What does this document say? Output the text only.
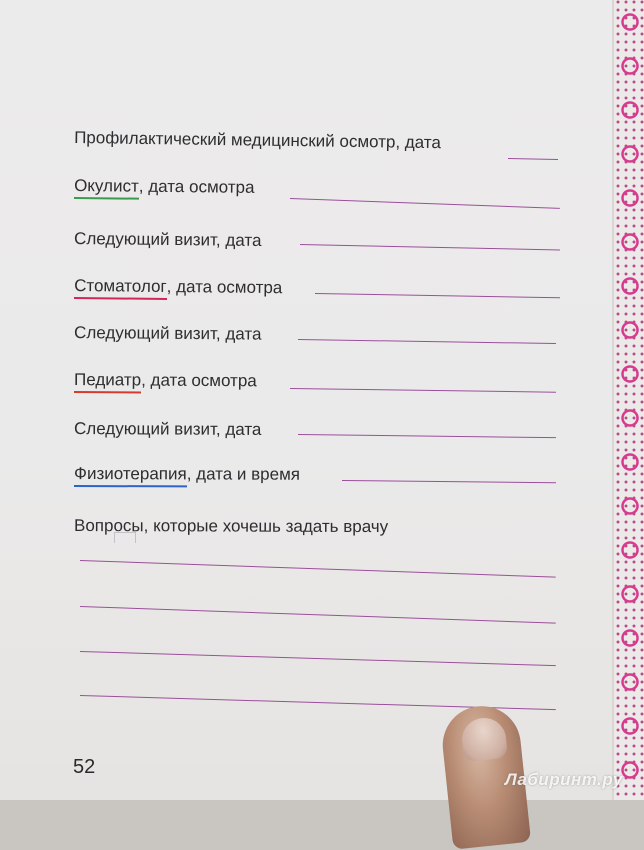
Профилактический медицинский осмотр, дата
Окулист, дата осмотра
Следующий визит, дата
Стоматолог, дата осмотра
Следующий визит, дата
Педиатр, дата осмотра
Следующий визит, дата
Физиотерапия, дата и время
Вопросы, которые хочешь задать врачу
52
Лабиринт.ру
